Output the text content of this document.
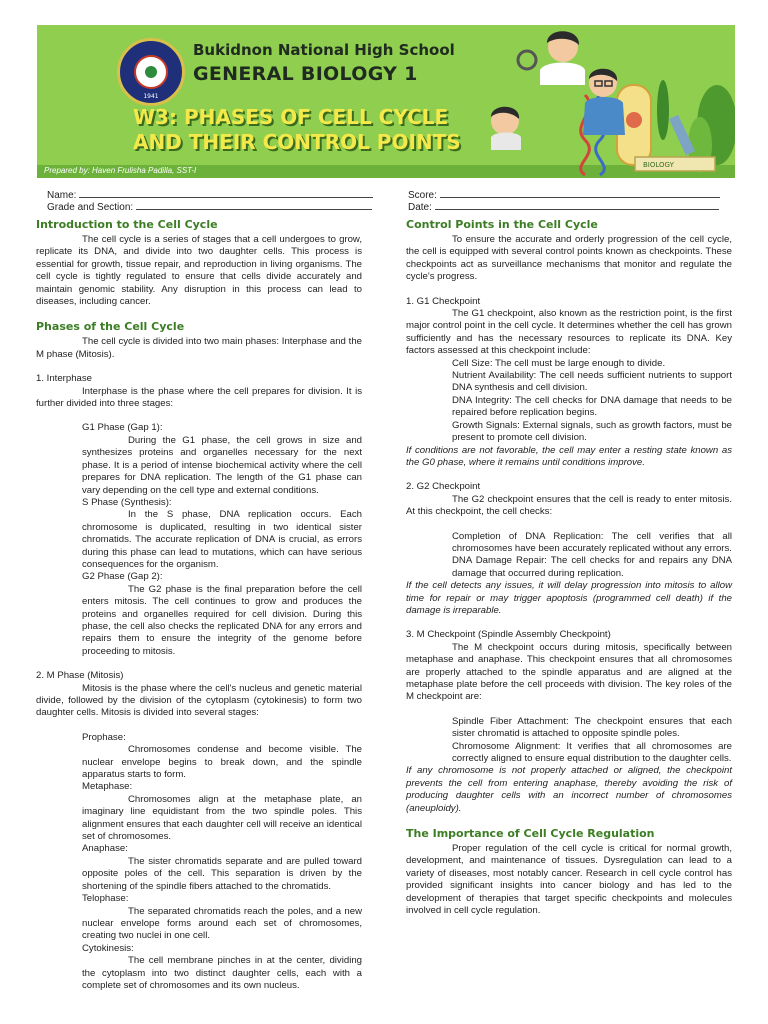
1941
Bukidnon National High School
GENERAL BIOLOGY 1
W3: PHASES OF CELL CYCLE
AND THEIR CONTROL POINTS
Prepared by: Haven Frulisha Padilla, SST-I
BIOLOGY
Name:
Grade and Section:
Score:
Date:
Introduction to the Cell Cycle

The cell cycle is a series of stages that a cell undergoes to grow, replicate its DNA, and divide into two daughter cells. This process is essential for growth, tissue repair, and reproduction in living organisms. The cell cycle is tightly regulated to ensure that cells divide accurately and maintain genomic stability. Any disruption in this process can lead to diseases, including cancer.

Phases of the Cell Cycle

The cell cycle is divided into two main phases: Interphase and the M phase (Mitosis).

1. Interphase

Interphase is the phase where the cell prepares for division. It is further divided into three stages:

G1 Phase (Gap 1):

During the G1 phase, the cell grows in size and synthesizes proteins and organelles necessary for the next phase. It is a period of intense biochemical activity where the cell prepares for DNA replication. The length of the G1 phase can vary depending on the cell type and external conditions.

S Phase (Synthesis):

In the S phase, DNA replication occurs. Each chromosome is duplicated, resulting in two identical sister chromatids. The accurate replication of DNA is crucial, as errors during this phase can lead to mutations, which can have serious consequences for the organism.

G2 Phase (Gap 2):

The G2 phase is the final preparation before the cell enters mitosis. The cell continues to grow and produces the proteins and organelles required for cell division. During this phase, the cell also checks the replicated DNA for any errors and repairs them to ensure the integrity of the genome before proceeding to mitosis.

2. M Phase (Mitosis)

Mitosis is the phase where the cell's nucleus and genetic material divide, followed by the division of the cytoplasm (cytokinesis) to form two daughter cells. Mitosis is divided into several stages:

Prophase:

Chromosomes condense and become visible. The nuclear envelope begins to break down, and the spindle apparatus starts to form.

Metaphase:

Chromosomes align at the metaphase plate, an imaginary line equidistant from the two spindle poles. This alignment ensures that each daughter cell will receive an identical set of chromosomes.

Anaphase:

The sister chromatids separate and are pulled toward opposite poles of the cell. This separation is driven by the shortening of the spindle fibers attached to the chromatids.

Telophase:

The separated chromatids reach the poles, and a new nuclear envelope forms around each set of chromosomes, creating two nuclei in one cell.

Cytokinesis:

The cell membrane pinches in at the center, dividing the cytoplasm into two distinct daughter cells, each with a complete set of chromosomes and its own nucleus.

Control Points in the Cell Cycle

To ensure the accurate and orderly progression of the cell cycle, the cell is equipped with several control points known as checkpoints. These checkpoints act as surveillance mechanisms that monitor and regulate the cycle's progress.

1. G1 Checkpoint

The G1 checkpoint, also known as the restriction point, is the first major control point in the cell cycle. It determines whether the cell has grown sufficiently and has the necessary resources to replicate its DNA. Key factors assessed at this checkpoint include:

Cell Size: The cell must be large enough to divide.

Nutrient Availability: The cell needs sufficient nutrients to support DNA synthesis and cell division.

DNA Integrity: The cell checks for DNA damage that needs to be repaired before replication begins.

Growth Signals: External signals, such as growth factors, must be present to promote cell division.

If conditions are not favorable, the cell may enter a resting state known as the G0 phase, where it remains until conditions improve.

2. G2 Checkpoint

The G2 checkpoint ensures that the cell is ready to enter mitosis. At this checkpoint, the cell checks:

Completion of DNA Replication: The cell verifies that all chromosomes have been accurately replicated without any errors.

DNA Damage Repair: The cell checks for and repairs any DNA damage that occurred during replication.

If the cell detects any issues, it will delay progression into mitosis to allow time for repair or may trigger apoptosis (programmed cell death) if the damage is irreparable.

3. M Checkpoint (Spindle Assembly Checkpoint)

The M checkpoint occurs during mitosis, specifically between metaphase and anaphase. This checkpoint ensures that all chromosomes are properly attached to the spindle apparatus and are aligned at the metaphase plate before the cell proceeds with division. The key roles of the M checkpoint are:

Spindle Fiber Attachment: The checkpoint ensures that each sister chromatid is attached to opposite spindle poles.

Chromosome Alignment: It verifies that all chromosomes are correctly aligned to ensure equal distribution to the daughter cells.

If any chromosome is not properly attached or aligned, the checkpoint prevents the cell from entering anaphase, thereby avoiding the risk of producing daughter cells with an incorrect number of chromosomes (aneuploidy).

The Importance of Cell Cycle Regulation

Proper regulation of the cell cycle is critical for normal growth, development, and maintenance of tissues. Dysregulation can lead to a variety of diseases, most notably cancer. Research in cell cycle control has provided significant insights into cancer biology and has led to the development of therapies that target specific checkpoints and molecules involved in cell cycle regulation.
